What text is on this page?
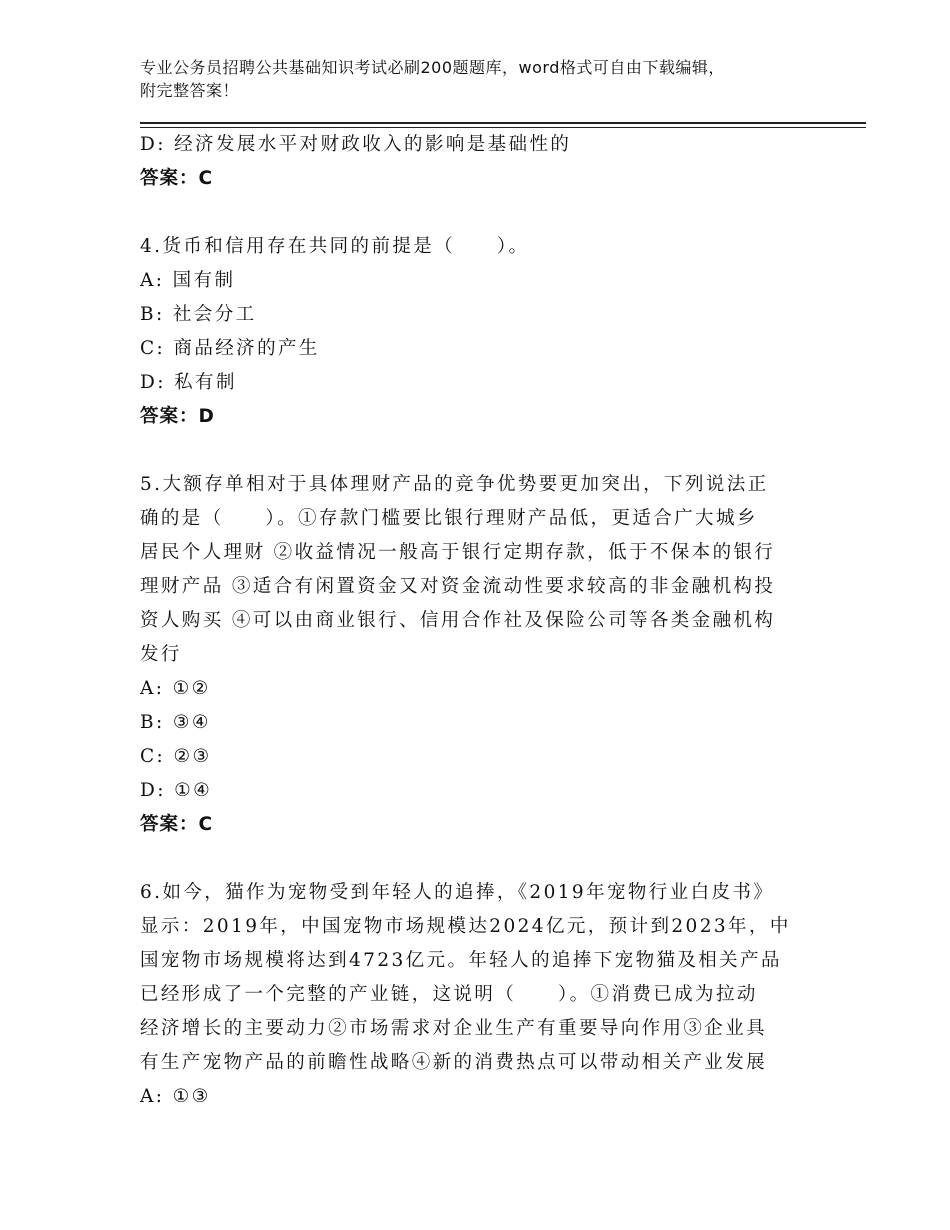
专业公务员招聘公共基础知识考试必刷200题题库，word格式可自由下载编辑，
附完整答案！
D: 经济发展水平对财政收入的影响是基础性的
答案：C
4.货币和信用存在共同的前提是（　　）。
A: 国有制
B: 社会分工
C: 商品经济的产生
D: 私有制
答案：D
5.大额存单相对于具体理财产品的竞争优势要更加突出，下列说法正
确的是（　　）。①存款门槛要比银行理财产品低，更适合广大城乡
居民个人理财 ②收益情况一般高于银行定期存款，低于不保本的银行
理财产品 ③适合有闲置资金又对资金流动性要求较高的非金融机构投
资人购买 ④可以由商业银行、信用合作社及保险公司等各类金融机构
发行
A: ①②
B: ③④
C: ②③
D: ①④
答案：C
6.如今，猫作为宠物受到年轻人的追捧，《2019年宠物行业白皮书》
显示：2019年，中国宠物市场规模达2024亿元，预计到2023年，中
国宠物市场规模将达到4723亿元。年轻人的追捧下宠物猫及相关产品
已经形成了一个完整的产业链，这说明（　　）。①消费已成为拉动
经济增长的主要动力②市场需求对企业生产有重要导向作用③企业具
有生产宠物产品的前瞻性战略④新的消费热点可以带动相关产业发展
A: ①③
